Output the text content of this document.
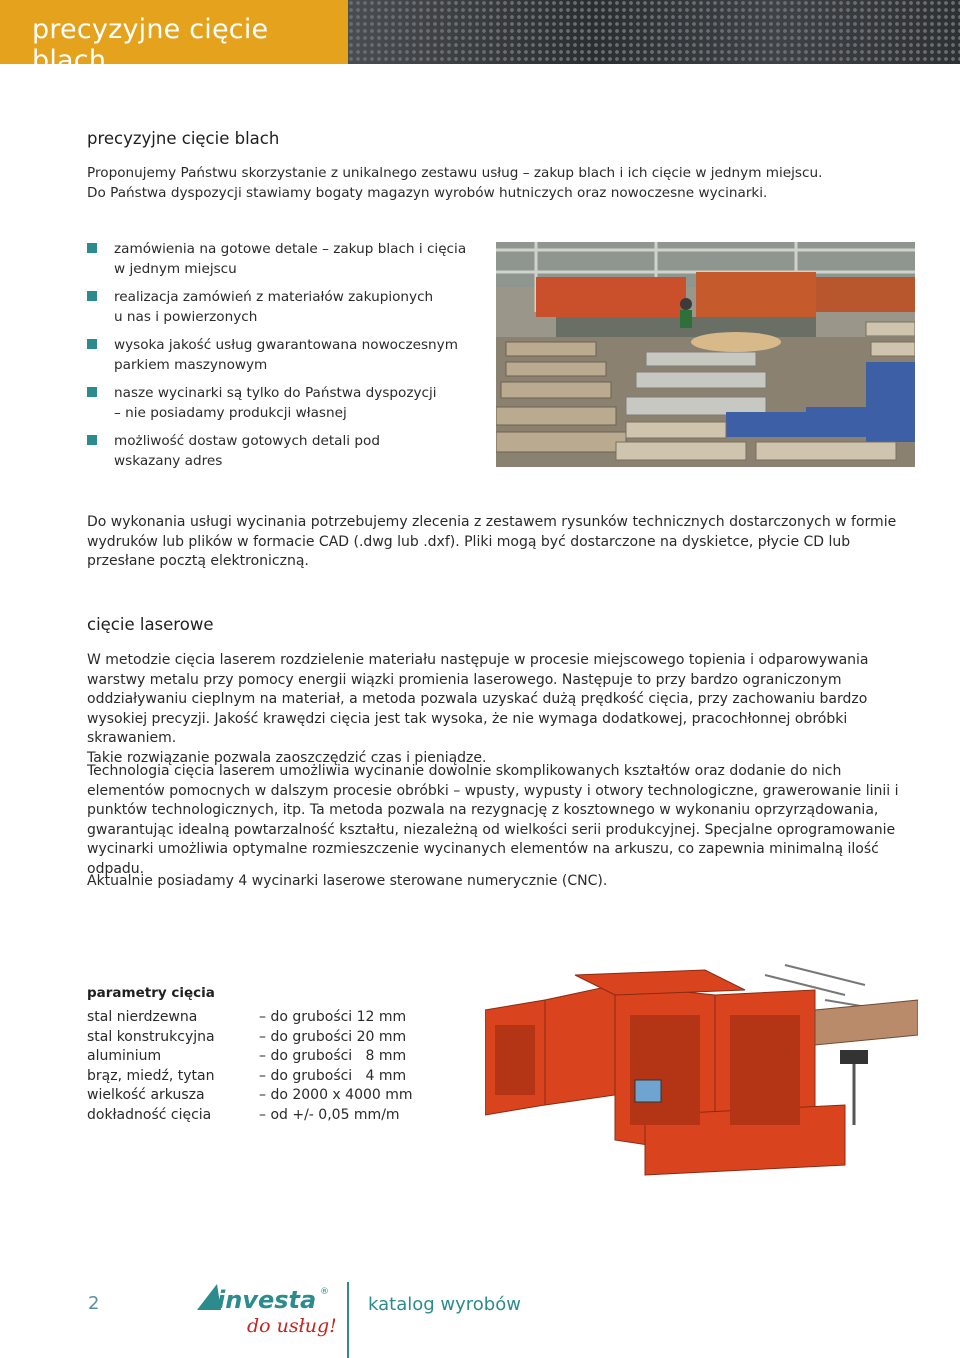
precyzyjne cięcie blach
precyzyjne cięcie blach

Proponujemy Państwu skorzystanie z unikalnego zestawu usług – zakup blach i ich cięcie w jednym miejscu.
Do Państwa dyspozycji stawiamy bogaty magazyn wyrobów hutniczych oraz nowoczesne wycinarki.

zamówienia na gotowe detale – zakup blach i cięcia
w jednym miejscu
realizacja zamówień z materiałów zakupionych
u nas i powierzonych
wysoka jakość usług gwarantowana nowoczesnym
parkiem maszynowym
nasze wycinarki są tylko do Państwa dyspozycji
– nie posiadamy produkcji własnej
możliwość dostaw gotowych detali pod
wskazany adres

Do wykonania usługi wycinania potrzebujemy zlecenia z zestawem rysunków technicznych dostarczonych w formie wydruków lub plików w formacie CAD (.dwg lub .dxf). Pliki mogą być dostarczone na dyskietce, płycie CD lub przesłane pocztą elektroniczną.

cięcie laserowe

W metodzie cięcia laserem rozdzielenie materiału następuje w procesie miejscowego topienia i odparowywania warstwy metalu przy pomocy energii wiązki promienia laserowego. Następuje to przy bardzo ograniczonym oddziaływaniu cieplnym na materiał, a metoda pozwala uzyskać dużą prędkość cięcia, przy zachowaniu bardzo wysokiej precyzji. Jakość krawędzi cięcia jest tak wysoka, że nie wymaga dodatkowej, pracochłonnej obróbki skrawaniem.
Takie rozwiązanie pozwala zaoszczędzić czas i pieniądze.

Technologia cięcia laserem umożliwia wycinanie dowolnie skomplikowanych kształtów oraz dodanie do nich elementów pomocnych w dalszym procesie obróbki – wpusty, wypusty i otwory technologiczne, grawerowanie linii i punktów technologicznych, itp. Ta metoda pozwala na rezygnację z kosztownego w wykonaniu oprzyrządowania, gwarantując idealną powtarzalność kształtu, niezależną od wielkości serii produkcyjnej. Specjalne oprogramowanie wycinarki umożliwia optymalne rozmieszczenie wycinanych elementów na arkuszu, co zapewnia minimalną ilość odpadu.

Aktualnie posiadamy 4 wycinarki laserowe sterowane numerycznie (CNC).

parametry cięcia
stal nierdzewna	– do grubości 12 mm
stal konstrukcyjna	– do grubości 20 mm
aluminium	– do grubości   8 mm
brąz, miedź, tytan	– do grubości   4 mm
wielkość arkusza	– do 2000 x 4000 mm
dokładność cięcia	– od +/- 0,05 mm/m
2	investa ®
do usług!
katalog wyrobów
